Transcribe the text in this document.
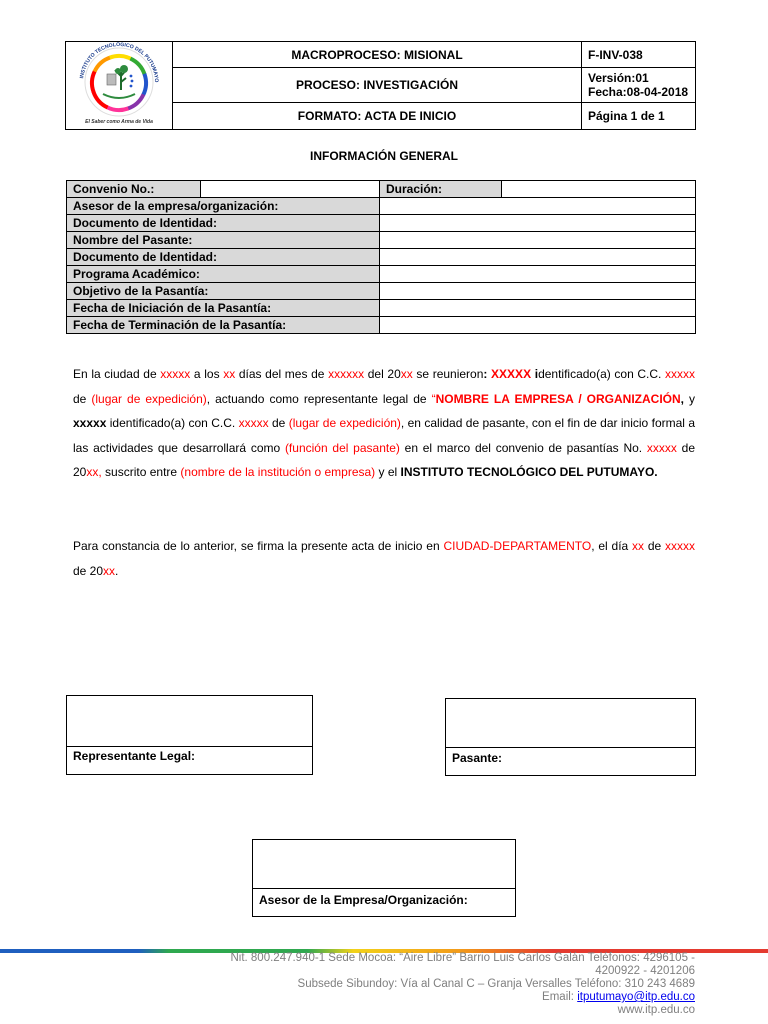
INSTITUTO TECNOLÓGICO DEL PUTUMAYO
El Saber como Arma de Vida	MACROPROCESO: MISIONAL	F-INV-038
	PROCESO: INVESTIGACIÓN	Versión:01
Fecha:08-04-2018

	FORMATO: ACTA DE INICIO	Página 1 de 1
INFORMACIÓN GENERAL
Convenio No.:		Duración:	
Asesor de la empresa/organización:			
Documento de Identidad:			
Nombre del Pasante:			
Documento de Identidad:			
Programa Académico:			
Objetivo de la Pasantía:			
Fecha de Iniciación de la Pasantía:			
Fecha de Terminación de la Pasantía:			
En la ciudad de xxxxx a los xx días del mes de xxxxxx del 20xx se reunieron: XXXXX identificado(a) con C.C. xxxxx de (lugar de expedición), actuando como representante legal de “NOMBRE LA EMPRESA / ORGANIZACIÓN, y xxxxx identificado(a) con C.C. xxxxx de (lugar de expedición), en calidad de pasante, con el fin de dar inicio formal a las actividades que desarrollará como (función del pasante) en el marco del convenio de pasantías No. xxxxx de 20xx, suscrito entre (nombre de la institución o empresa) y el INSTITUTO TECNOLÓGICO DEL PUTUMAYO.
Para constancia de lo anterior, se firma la presente acta de inicio en CIUDAD-DEPARTAMENTO, el día xx de xxxxx de 20xx.
Representante Legal:	Pasante:
Asesor de la Empresa/Organización:
Nit. 800.247.940-1 Sede Mocoa: “Aire Libre” Barrio Luis Carlos Galán Teléfonos: 4296105 -
4200922 - 4201206
Subsede Sibundoy: Vía al Canal C – Granja Versalles Teléfono: 310 243 4689
Email: itputumayo@itp.edu.co
www.itp.edu.co
